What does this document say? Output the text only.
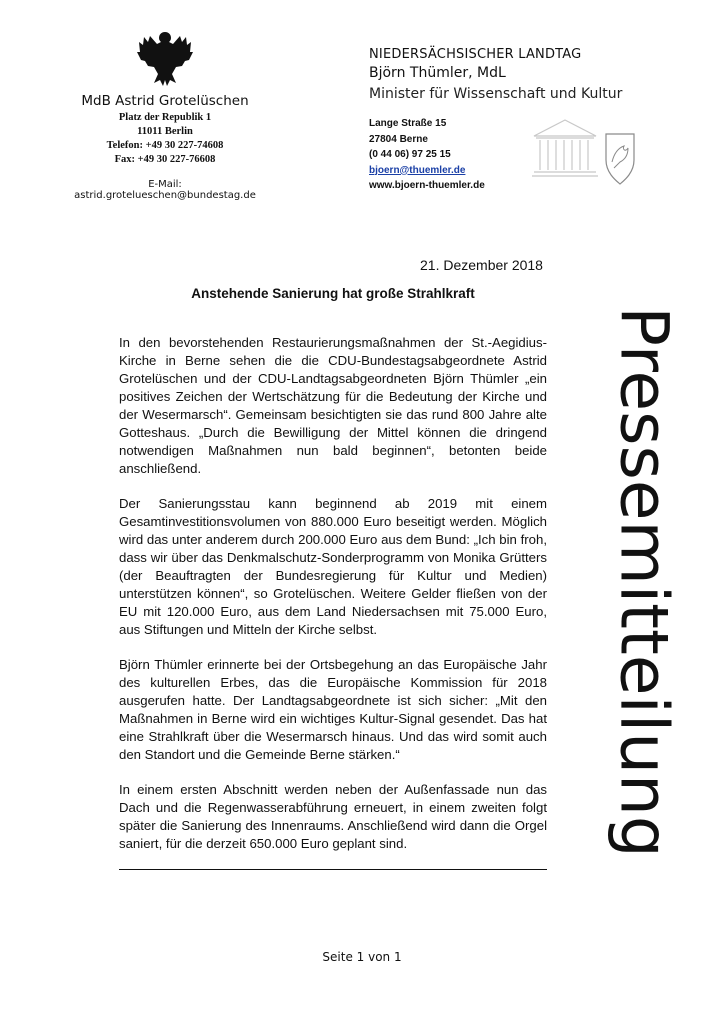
MdB Astrid Grotelüschen
Platz der Republik 1
11011 Berlin
Telefon: +49 30 227-74608
Fax: +49 30 227-76608
E-Mail:
astrid.grotelueschen@bundestag.de
NIEDERSÄCHSISCHER LANDTAG
Björn Thümler, MdL
Minister für Wissenschaft und Kultur
Lange Straße 15
27804 Berne
(0 44 06) 97 25 15
bjoern@thuemler.de
www.bjoern-thuemler.de
21. Dezember 2018
Anstehende Sanierung hat große Strahlkraft

In den bevorstehenden Restaurierungsmaßnahmen der St.-Aegidius-Kirche in Berne sehen die die CDU-Bundestagsabgeordnete Astrid Grotelüschen und der CDU-Landtagsabgeordneten Björn Thümler „ein positives Zeichen der Wertschätzung für die Bedeutung der Kirche und der Wesermarsch“. Gemeinsam besichtigten sie das rund 800 Jahre alte Gotteshaus. „Durch die Bewilligung der Mittel können die dringend notwendigen Maßnahmen nun bald beginnen“, betonten beide anschließend.

Der Sanierungsstau kann beginnend ab 2019 mit einem Gesamtinvestitionsvolumen von 880.000 Euro beseitigt werden. Möglich wird das unter anderem durch 200.000 Euro aus dem Bund: „Ich bin froh, dass wir über das Denkmalschutz-Sonderprogramm von Monika Grütters (der Beauftragten der Bundesregierung für Kultur und Medien) unterstützen können“, so Grotelüschen. Weitere Gelder fließen von der EU mit 120.000 Euro, aus dem Land Niedersachsen mit 75.000 Euro, aus Stiftungen und Mitteln der Kirche selbst.

Björn Thümler erinnerte bei der Ortsbegehung an das Europäische Jahr des kulturellen Erbes, das die Europäische Kommission für 2018 ausgerufen hatte. Der Landtagsabgeordnete ist sich sicher: „Mit den Maßnahmen in Berne wird ein wichtiges Kultur-Signal gesendet. Das hat eine Strahlkraft über die Wesermarsch hinaus. Und das wird somit auch den Standort und die Gemeinde Berne stärken.“

In einem ersten Abschnitt werden neben der Außenfassade nun das Dach und die Regenwasserabführung erneuert, in einem zweiten folgt später die Sanierung des Innenraums. Anschließend wird dann die Orgel saniert, für die derzeit 650.000 Euro geplant sind.	Pressemitteilung
Seite 1 von 1
